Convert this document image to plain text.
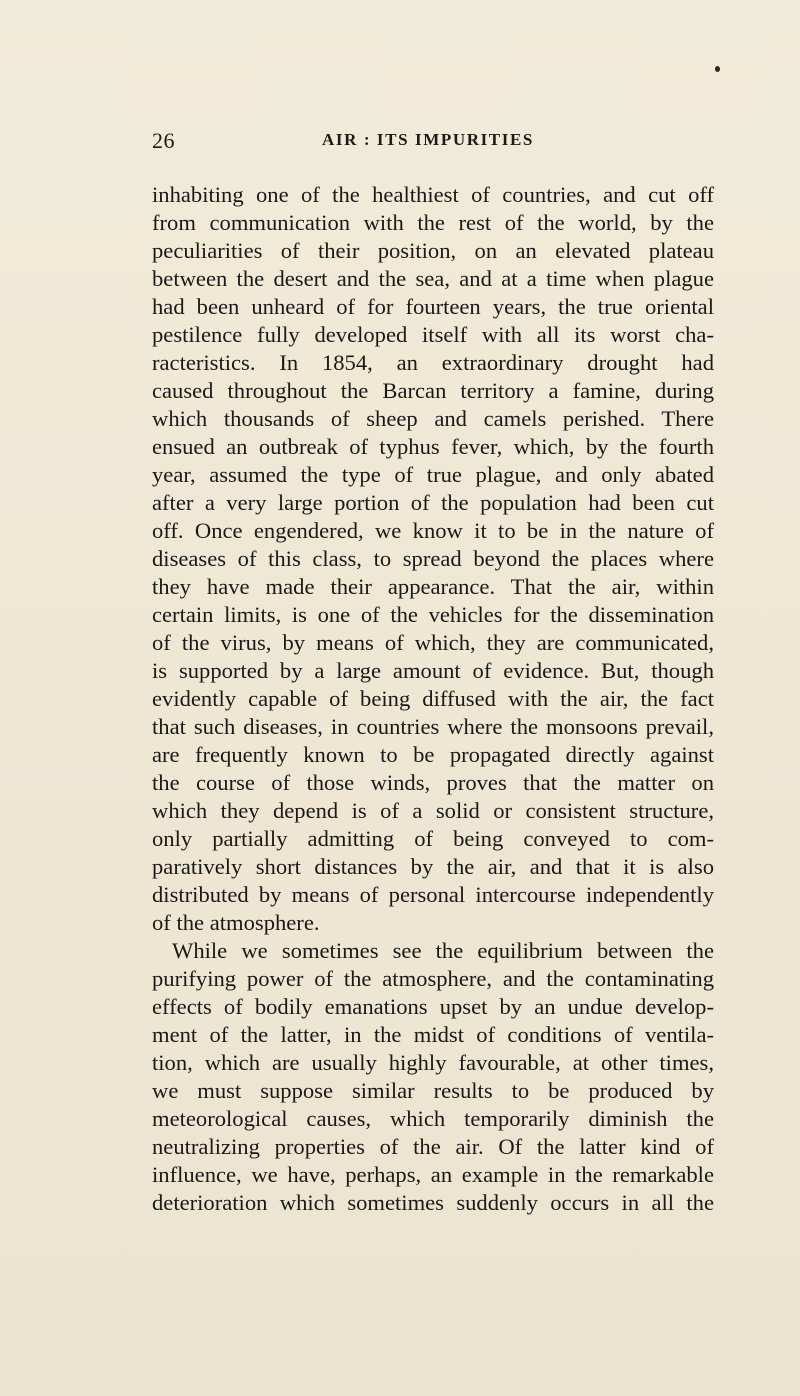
26	AIR : ITS IMPURITIES
inhabiting one of the healthiest of countries, and cut off
from communication with the rest of the world, by the
peculiarities of their position, on an elevated plateau
between the desert and the sea, and at a time when plague
had been unheard of for fourteen years, the true oriental
pestilence fully developed itself with all its worst cha-
racteristics. In 1854, an extraordinary drought had
caused throughout the Barcan territory a famine, during
which thousands of sheep and camels perished. There
ensued an outbreak of typhus fever, which, by the fourth
year, assumed the type of true plague, and only abated
after a very large portion of the population had been cut
off. Once engendered, we know it to be in the nature of
diseases of this class, to spread beyond the places where
they have made their appearance. That the air, within
certain limits, is one of the vehicles for the dissemination
of the virus, by means of which, they are communicated,
is supported by a large amount of evidence. But, though
evidently capable of being diffused with the air, the fact
that such diseases, in countries where the monsoons prevail,
are frequently known to be propagated directly against
the course of those winds, proves that the matter on
which they depend is of a solid or consistent structure,
only partially admitting of being conveyed to com-
paratively short distances by the air, and that it is also
distributed by means of personal intercourse independently
of the atmosphere.
While we sometimes see the equilibrium between the
purifying power of the atmosphere, and the contaminating
effects of bodily emanations upset by an undue develop-
ment of the latter, in the midst of conditions of ventila-
tion, which are usually highly favourable, at other times,
we must suppose similar results to be produced by
meteorological causes, which temporarily diminish the
neutralizing properties of the air. Of the latter kind of
influence, we have, perhaps, an example in the remarkable
deterioration which sometimes suddenly occurs in all the
